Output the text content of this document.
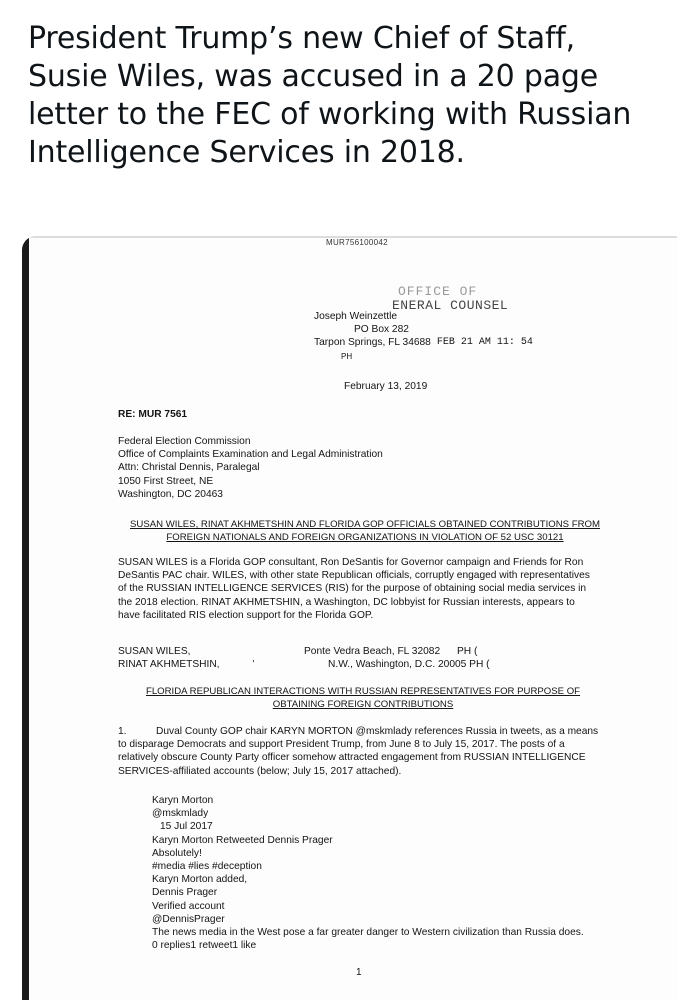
President Trump’s new Chief of Staff, Susie Wiles, was accused in a 20 page letter to the FEC of working with Russian Intelligence Services in 2018.
MUR756100042
OFFICE OF
ENERAL COUNSEL
Joseph Weinzettle
PO Box 282
Tarpon Springs, FL 34688 FEB 21 AM 11: 54
PH
February 13, 2019
RE: MUR 7561
Federal Election Commission
Office of Complaints Examination and Legal Administration
Attn: Christal Dennis, Paralegal
1050 First Street, NE
Washington, DC 20463
SUSAN WILES, RINAT AKHMETSHIN AND FLORIDA GOP OFFICIALS OBTAINED CONTRIBUTIONS FROM FOREIGN NATIONALS AND FOREIGN ORGANIZATIONS IN VIOLATION OF 52 USC 30121
SUSAN WILES is a Florida GOP consultant, Ron DeSantis for Governor campaign and Friends for Ron DeSantis PAC chair. WILES, with other state Republican officials, corruptly engaged with representatives of the RUSSIAN INTELLIGENCE SERVICES (RIS) for the purpose of obtaining social media services in the 2018 election. RINAT AKHMETSHIN, a Washington, DC lobbyist for Russian interests, appears to have facilitated RIS election support for the Florida GOP.
SUSAN WILES,
RINAT AKHMETSHIN,	'
Ponte Vedra Beach, FL 32082 PH (
N.W., Washington, D.C. 20005 PH (
FLORIDA REPUBLICAN INTERACTIONS WITH RUSSIAN REPRESENTATIVES FOR PURPOSE OF OBTAINING FOREIGN CONTRIBUTIONS
1.	Duval County GOP chair KARYN MORTON @mskmlady references Russia in tweets, as a means to disparage Democrats and support President Trump, from June 8 to July 15, 2017. The posts of a relatively obscure County Party officer somehow attracted engagement from RUSSIAN INTELLIGENCE SERVICES-affiliated accounts (below; July 15, 2017 attached).
Karyn Morton
@mskmlady
15 Jul 2017
Karyn Morton Retweeted Dennis Prager
Absolutely!
#media #lies #deception
Karyn Morton added,
Dennis Prager
Verified account
@DennisPrager
The news media in the West pose a far greater danger to Western civilization than Russia does.
0 replies1 retweet1 like
1
